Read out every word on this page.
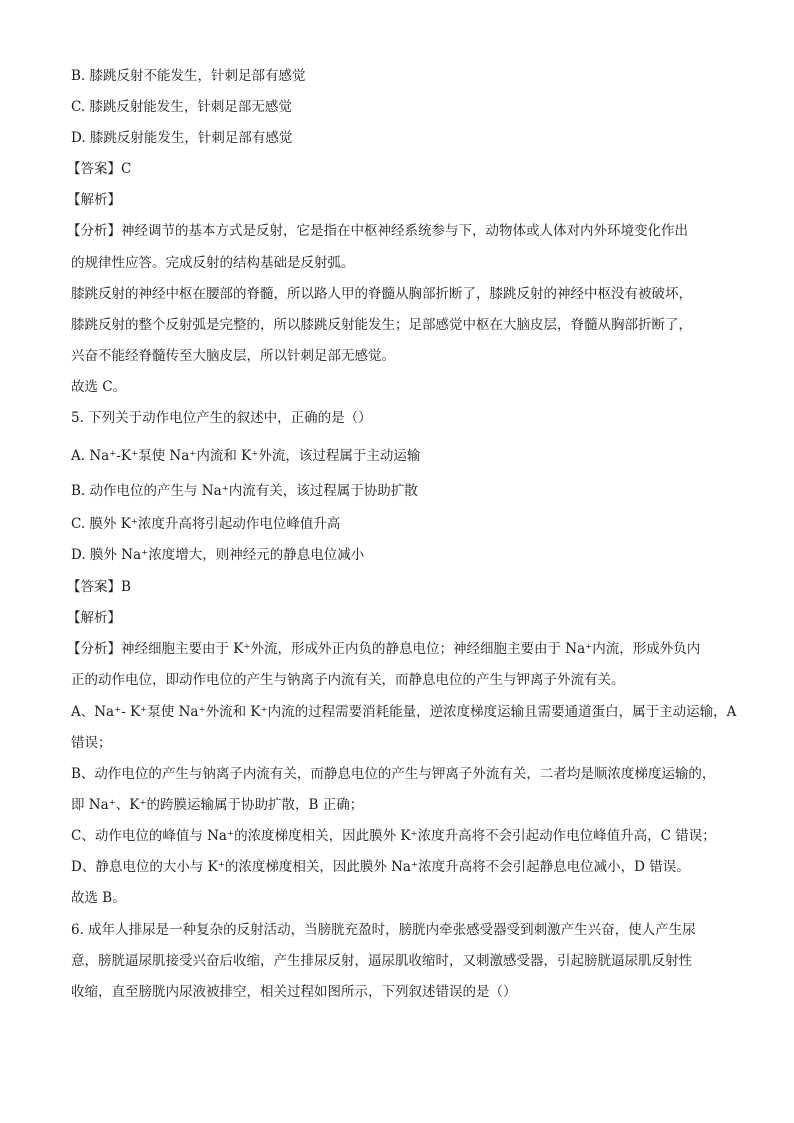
B. 膝跳反射不能发生，针刺足部有感觉
C. 膝跳反射能发生，针刺足部无感觉
D. 膝跳反射能发生，针刺足部有感觉
【答案】C
【解析】
【分析】神经调节的基本方式是反射，它是指在中枢神经系统参与下，动物体或人体对内外环境变化作出
的规律性应答。完成反射的结构基础是反射弧。
膝跳反射的神经中枢在腰部的脊髓，所以路人甲的脊髓从胸部折断了，膝跳反射的神经中枢没有被破坏，
膝跳反射的整个反射弧是完整的，所以膝跳反射能发生；足部感觉中枢在大脑皮层，脊髓从胸部折断了，
兴奋不能经脊髓传至大脑皮层，所以针刺足部无感觉。
故选 C。
5. 下列关于动作电位产生的叙述中，正确的是（）
A. Na⁺-K⁺泵使 Na⁺内流和 K⁺外流，该过程属于主动运输
B. 动作电位的产生与 Na⁺内流有关，该过程属于协助扩散
C. 膜外 K⁺浓度升高将引起动作电位峰值升高
D. 膜外 Na⁺浓度增大，则神经元的静息电位减小
【答案】B
【解析】
【分析】神经细胞主要由于 K⁺外流，形成外正内负的静息电位；神经细胞主要由于 Na⁺内流，形成外负内
正的动作电位，即动作电位的产生与钠离子内流有关，而静息电位的产生与钾离子外流有关。
A、Na⁺- K⁺泵使 Na⁺外流和 K⁺内流的过程需要消耗能量，逆浓度梯度运输且需要通道蛋白，属于主动运输，A
错误；
B、动作电位的产生与钠离子内流有关，而静息电位的产生与钾离子外流有关，二者均是顺浓度梯度运输的，
即 Na⁺、K⁺的跨膜运输属于协助扩散，B 正确；
C、动作电位的峰值与 Na⁺的浓度梯度相关，因此膜外 K⁺浓度升高将不会引起动作电位峰值升高，C 错误；
D、静息电位的大小与 K⁺的浓度梯度相关，因此膜外 Na⁺浓度升高将不会引起静息电位减小，D 错误。
故选 B。
6. 成年人排尿是一种复杂的反射活动，当膀胱充盈时，膀胱内牵张感受器受到刺激产生兴奋，使人产生尿
意，膀胱逼尿肌接受兴奋后收缩，产生排尿反射，逼尿肌收缩时，又刺激感受器，引起膀胱逼尿肌反射性
收缩，直至膀胱内尿液被排空，相关过程如图所示，下列叙述错误的是（）
